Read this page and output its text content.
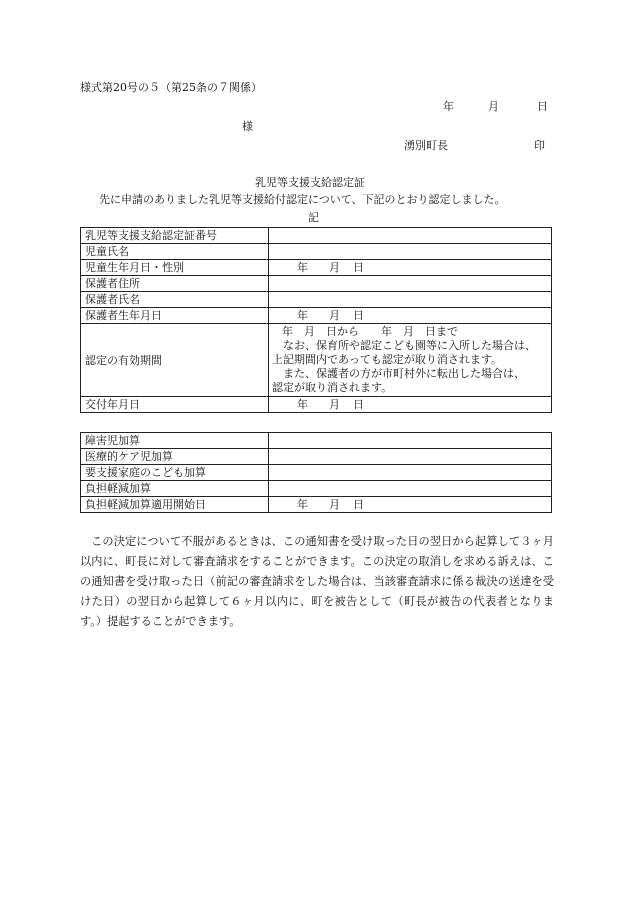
様式第20号の５（第25条の７関係）
年	月	日
様
湧別町長	印
乳児等支援支給認定証
先に申請のありました乳児等支援給付認定について、下記のとおり認定しました。
記
乳児等支援支給認定証番号	
児童氏名	
児童生年月日・性別	年 月 日
保護者住所	
保護者氏名	
保護者生年月日	年 月 日
認定の有効期間	年　月　日から　　年　月　日まで
なお、保育所や認定こども園等に入所した場合は、
上記期間内であっても認定が取り消されます。
また、保護者の方が市町村外に転出した場合は、
認定が取り消されます。

交付年月日	年 月 日
障害児加算	
医療的ケア児加算	
要支援家庭のこども加算	
負担軽減加算	
負担軽減加算適用開始日	年 月 日
この決定について不服があるときは、この通知書を受け取った日の翌日から起算して３ヶ月以内に、町長に対して審査請求をすることができます。この決定の取消しを求める訴えは、この通知書を受け取った日（前記の審査請求をした場合は、当該審査請求に係る裁決の送達を受けた日）の翌日から起算して６ヶ月以内に、町を被告として（町長が被告の代表者となります。）提起することができます。
